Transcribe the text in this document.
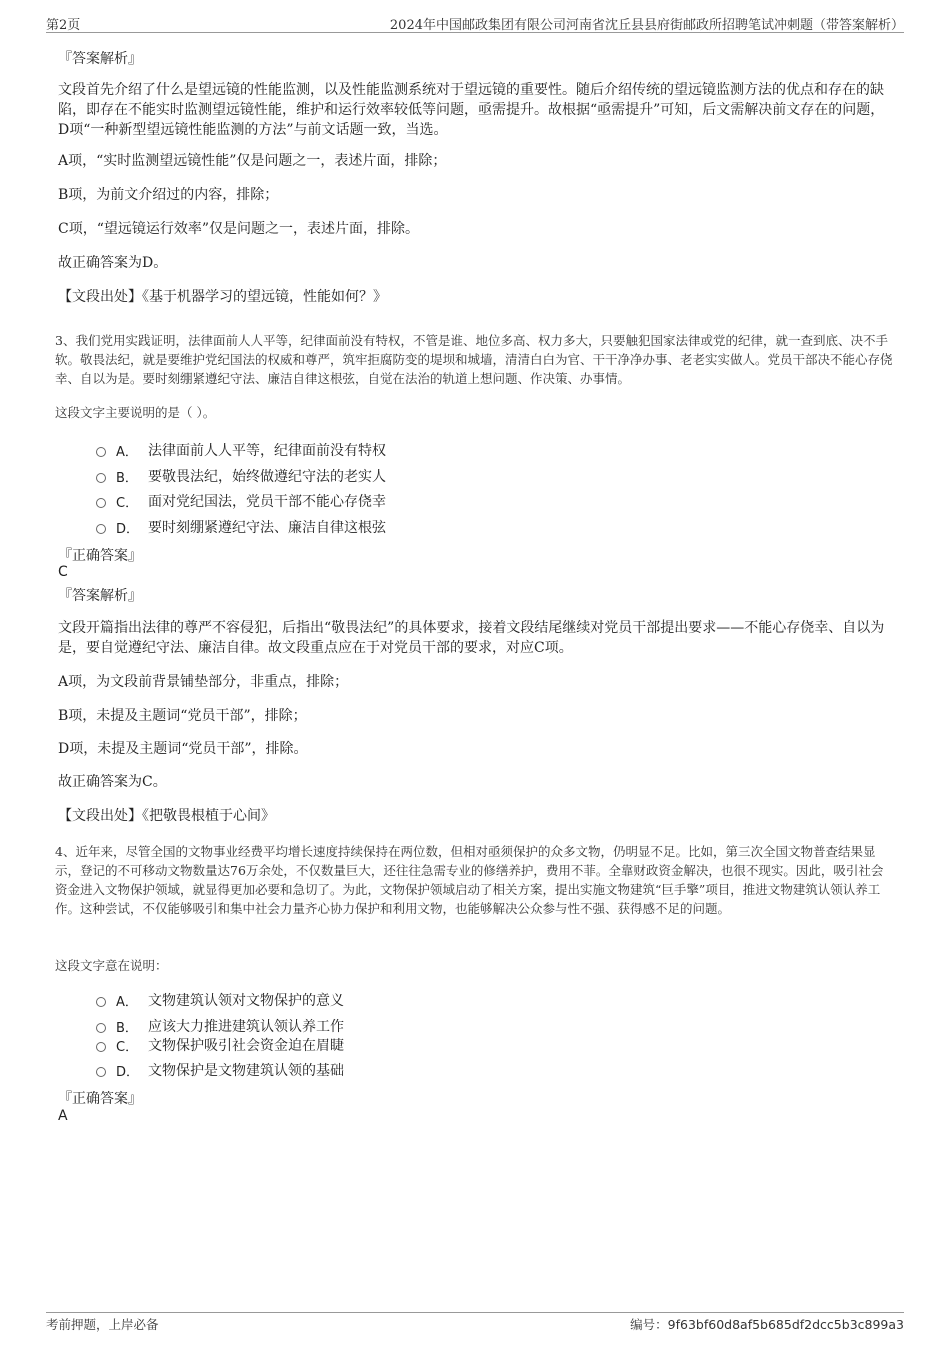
第2页	2024年中国邮政集团有限公司河南省沈丘县县府街邮政所招聘笔试冲刺题（带答案解析）
『答案解析』

文段首先介绍了什么是望远镜的性能监测，以及性能监测系统对于望远镜的重要性。随后介绍传统的望远镜监测方法的优点和存在的缺陷，即存在不能实时监测望远镜性能，维护和运行效率较低等问题，亟需提升。故根据“亟需提升”可知，后文需解决前文存在的问题，D项“一种新型望远镜性能监测的方法”与前文话题一致，当选。

A项，“实时监测望远镜性能”仅是问题之一，表述片面，排除；
B项，为前文介绍过的内容，排除；
C项，“望远镜运行效率”仅是问题之一，表述片面，排除。
故正确答案为D。
【文段出处】《基于机器学习的望远镜，性能如何？》

3、我们党用实践证明，法律面前人人平等，纪律面前没有特权，不管是谁、地位多高、权力多大，只要触犯国家法律或党的纪律，就一查到底、决不手软。敬畏法纪，就是要维护党纪国法的权威和尊严，筑牢拒腐防变的堤坝和城墙，清清白白为官、干干净净办事、老老实实做人。党员干部决不能心存侥幸、自以为是。要时刻绷紧遵纪守法、廉洁自律这根弦，自觉在法治的轨道上想问题、作决策、办事情。

这段文字主要说明的是（ ）。
A． 法律面前人人平等，纪律面前没有特权
B． 要敬畏法纪，始终做遵纪守法的老实人
C． 面对党纪国法，党员干部不能心存侥幸
D． 要时刻绷紧遵纪守法、廉洁自律这根弦
『正确答案』
C
『答案解析』

文段开篇指出法律的尊严不容侵犯，后指出“敬畏法纪”的具体要求，接着文段结尾继续对党员干部提出要求——不能心存侥幸、自以为是，要自觉遵纪守法、廉洁自律。故文段重点应在于对党员干部的要求，对应C项。

A项，为文段前背景铺垫部分，非重点，排除；
B项，未提及主题词“党员干部”，排除；
D项，未提及主题词“党员干部”，排除。
故正确答案为C。
【文段出处】《把敬畏根植于心间》

4、近年来，尽管全国的文物事业经费平均增长速度持续保持在两位数，但相对亟须保护的众多文物，仍明显不足。比如，第三次全国文物普查结果显示，登记的不可移动文物数量达76万余处，不仅数量巨大，还往往急需专业的修缮养护，费用不菲。全靠财政资金解决，也很不现实。因此，吸引社会资金进入文物保护领域，就显得更加必要和急切了。为此，文物保护领域启动了相关方案，提出实施文物建筑“巨手擎”项目，推进文物建筑认领认养工作。这种尝试，不仅能够吸引和集中社会力量齐心协力保护和利用文物，也能够解决公众参与性不强、获得感不足的问题。

这段文字意在说明：
A． 文物建筑认领对文物保护的意义
B． 应该大力推进建筑认领认养工作
C． 文物保护吸引社会资金迫在眉睫
D． 文物保护是文物建筑认领的基础
『正确答案』
A
考前押题，上岸必备	编号：9f63bf60d8af5b685df2dcc5b3c899a3
